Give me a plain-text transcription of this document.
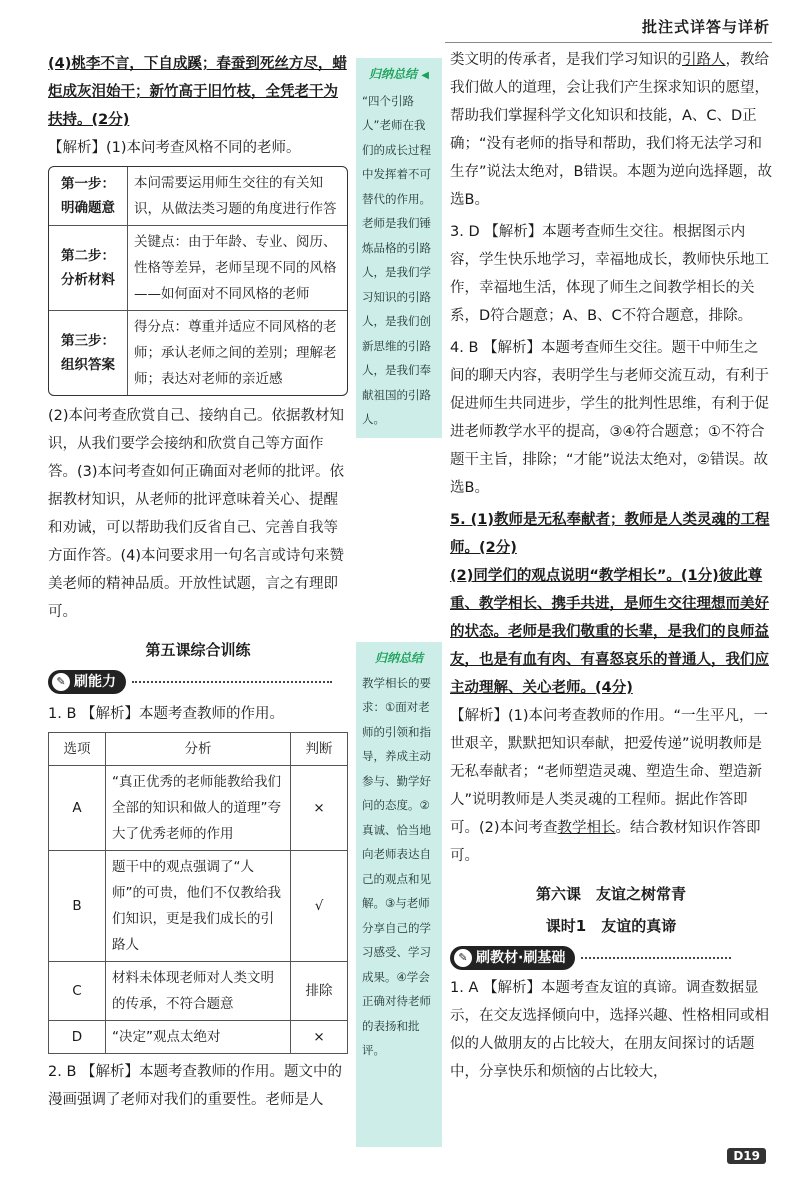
批注式详答与详析

(4)桃李不言，下自成蹊；春蚕到死丝方尽，蜡炬成灰泪始干；新竹高于旧竹枝，全凭老干为扶持。(2分)

【解析】(1)本问考查风格不同的老师。

第一步：明确题意	本问需要运用师生交往的有关知识，从做法类习题的角度进行作答
第二步：分析材料	关键点：由于年龄、专业、阅历、性格等差异，老师呈现不同的风格——如何面对不同风格的老师
第三步：组织答案	得分点：尊重并适应不同风格的老师；承认老师之间的差别；理解老师；表达对老师的亲近感

(2)本问考查欣赏自己、接纳自己。依据教材知识，从我们要学会接纳和欣赏自己等方面作答。(3)本问考查如何正确面对老师的批评。依据教材知识，从老师的批评意味着关心、提醒和劝诫，可以帮助我们反省自己、完善自我等方面作答。(4)本问要求用一句名言或诗句来赞美老师的精神品质。开放性试题，言之有理即可。

第五课综合训练
✎ 刷能力

1. B 【解析】本题考查教师的作用。

选项	分析	判断
A	“真正优秀的老师能教给我们全部的知识和做人的道理”夸大了优秀老师的作用	×
B	题干中的观点强调了“人师”的可贵，他们不仅教给我们知识，更是我们成长的引路人	√
C	材料未体现老师对人类文明的传承，不符合题意	排除
D	“决定”观点太绝对	×

2. B 【解析】本题考查教师的作用。题文中的漫画强调了老师对我们的重要性。老师是人

归纳总结 ◀
“四个引路人”老师在我们的成长过程中发挥着不可替代的作用。老师是我们锤炼品格的引路人，是我们学习知识的引路人，是我们创新思维的引路人，是我们奉献祖国的引路人。
归纳总结
教学相长的要求：①面对老师的引领和指导，养成主动参与、勤学好问的态度。②真诚、恰当地向老师表达自己的观点和见解。③与老师分享自己的学习感受、学习成果。④学会正确对待老师的表扬和批评。

类文明的传承者，是我们学习知识的引路人，教给我们做人的道理，会让我们产生探求知识的愿望，帮助我们掌握科学文化知识和技能，A、C、D正确；“没有老师的指导和帮助，我们将无法学习和生存”说法太绝对，B错误。本题为逆向选择题，故选B。

3. D 【解析】本题考查师生交往。根据图示内容，学生快乐地学习，幸福地成长，教师快乐地工作，幸福地生活，体现了师生之间教学相长的关系，D符合题意；A、B、C不符合题意，排除。

4. B 【解析】本题考查师生交往。题干中师生之间的聊天内容，表明学生与老师交流互动，有利于促进师生共同进步，学生的批判性思维，有利于促进老师教学水平的提高，③④符合题意；①不符合题干主旨，排除；“才能”说法太绝对，②错误。故选B。

5. (1)教师是无私奉献者；教师是人类灵魂的工程师。(2分)

(2)同学们的观点说明“教学相长”。(1分)彼此尊重、教学相长、携手共进，是师生交往理想而美好的状态。老师是我们敬重的长辈，是我们的良师益友，也是有血有肉、有喜怒哀乐的普通人，我们应主动理解、关心老师。(4分)

【解析】(1)本问考查教师的作用。“一生平凡，一世艰辛，默默把知识奉献，把爱传递”说明教师是无私奉献者；“老师塑造灵魂、塑造生命、塑造新人”说明教师是人类灵魂的工程师。据此作答即可。(2)本问考查教学相长。结合教材知识作答即可。

第六课　友谊之树常青
课时1　友谊的真谛
✎ 刷教材·刷基础

1. A 【解析】本题考查友谊的真谛。调查数据显示，在交友选择倾向中，选择兴趣、性格相同或相似的人做朋友的占比较大，在朋友间探讨的话题中，分享快乐和烦恼的占比较大，

D19
